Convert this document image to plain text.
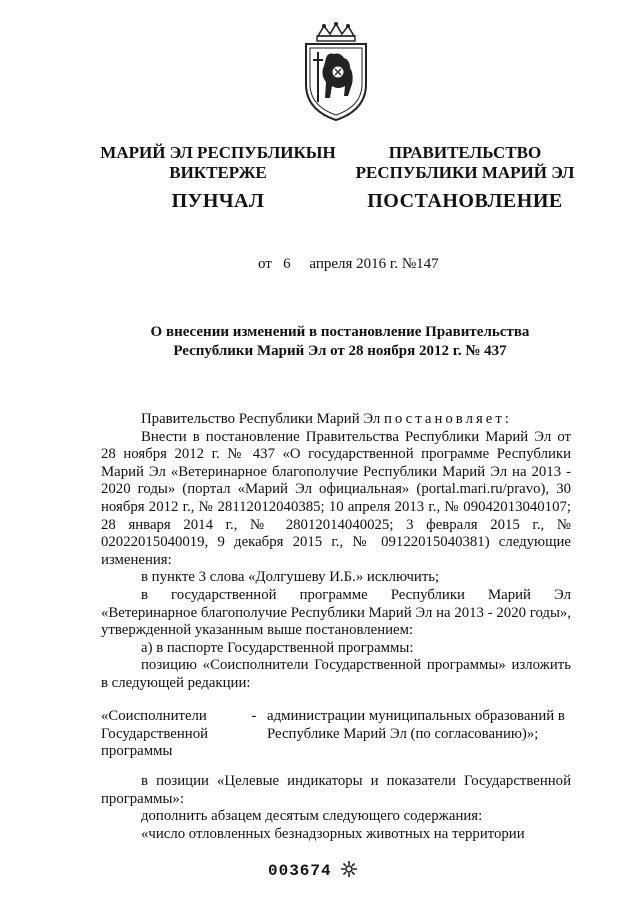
МАРИЙ ЭЛ РЕСПУБЛИКЫН
ВИКТЕРЖЕ
ПУНЧАЛ
ПРАВИТЕЛЬСТВО
РЕСПУБЛИКИ МАРИЙ ЭЛ
ПОСТАНОВЛЕНИЕ
от 6 апреля 2016 г. №147
О внесении изменений в постановление Правительства
Республики Марий Эл от 28 ноября 2012 г. № 437

Правительство Республики Марий Эл постановляет:

Внести в постановление Правительства Республики Марий Эл от 28 ноября 2012 г. № 437 «О государственной программе Республики Марий Эл «Ветеринарное благополучие Республики Марий Эл на 2013 - 2020 годы» (портал «Марий Эл официальная» (portal.mari.ru/pravo), 30 ноября 2012 г., № 28112012040385; 10 апреля 2013 г., № 09042013040107; 28 января 2014 г., № 28012014040025; 3 февраля 2015 г., № 02022015040019, 9 декабря 2015 г., № 09122015040381) следующие изменения:

в пункте 3 слова «Долгушеву И.Б.» исключить;

в государственной программе Республики Марий Эл «Ветеринарное благополучие Республики Марий Эл на 2013 - 2020 годы», утвержденной указанным выше постановлением:

а) в паспорте Государственной программы:

позицию «Соисполнители Государственной программы» изложить в следующей редакции:

«Соисполнители Государственной программы
- администрации муниципальных образований в Республике Марий Эл (по согласованию)»;

в позиции «Целевые индикаторы и показатели Государственной программы»:

дополнить абзацем десятым следующего содержания:

«число отловленных безнадзорных животных на территории

003674
